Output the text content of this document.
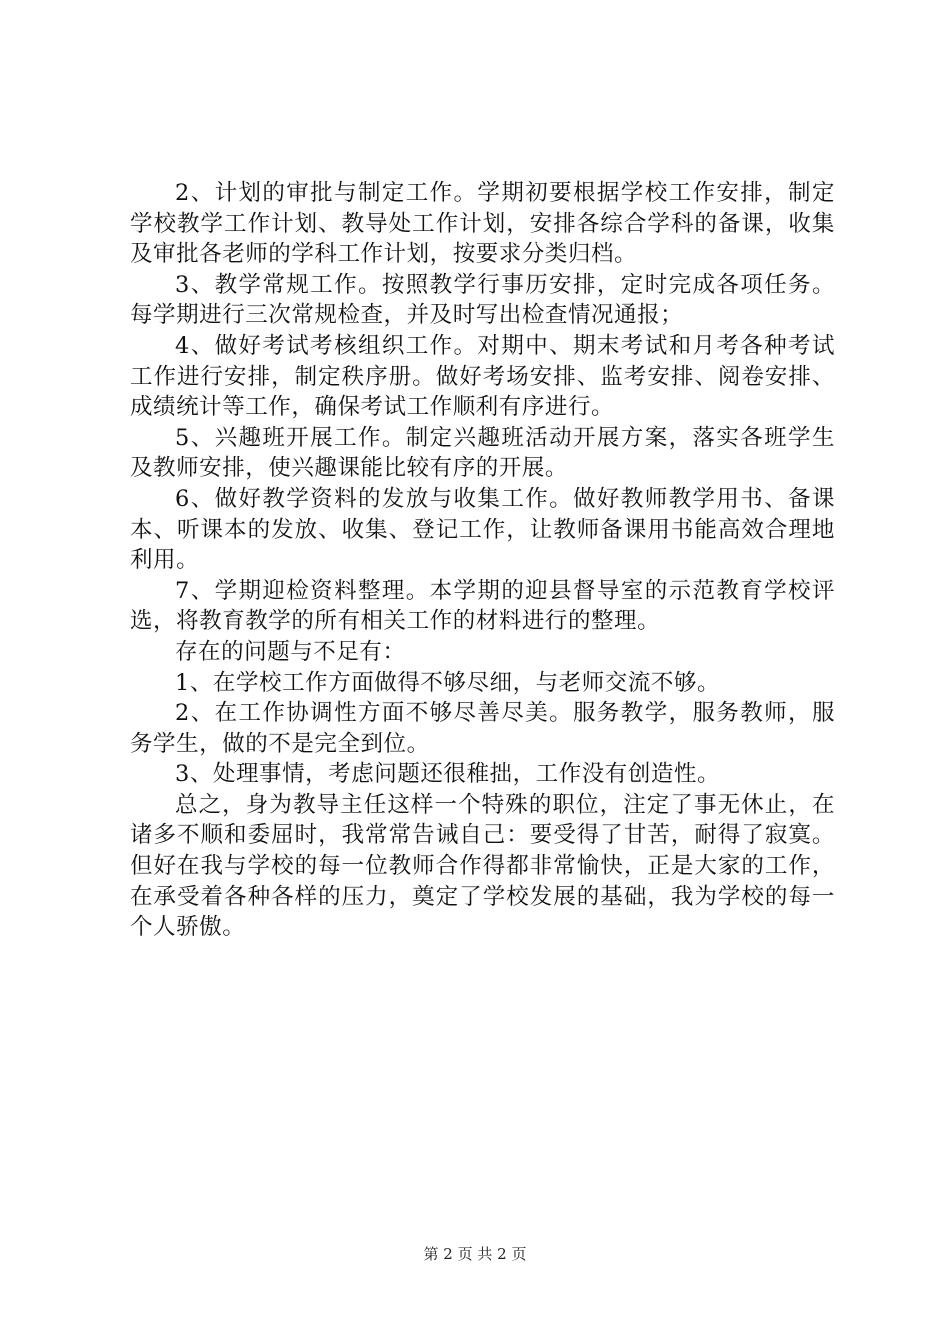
2、计划的审批与制定工作。学期初要根据学校工作安排，制定学校教学工作计划、教导处工作计划，安排各综合学科的备课，收集及审批各老师的学科工作计划，按要求分类归档。

3、教学常规工作。按照教学行事历安排，定时完成各项任务。每学期进行三次常规检查，并及时写出检查情况通报；

4、做好考试考核组织工作。对期中、期末考试和月考各种考试工作进行安排，制定秩序册。做好考场安排、监考安排、阅卷安排、成绩统计等工作，确保考试工作顺利有序进行。

5、兴趣班开展工作。制定兴趣班活动开展方案，落实各班学生及教师安排，使兴趣课能比较有序的开展。

6、做好教学资料的发放与收集工作。做好教师教学用书、备课本、听课本的发放、收集、登记工作，让教师备课用书能高效合理地利用。

7、学期迎检资料整理。本学期的迎县督导室的示范教育学校评选，将教育教学的所有相关工作的材料进行的整理。

存在的问题与不足有：

1、在学校工作方面做得不够尽细，与老师交流不够。

2、在工作协调性方面不够尽善尽美。服务教学，服务教师，服务学生，做的不是完全到位。

3、处理事情，考虑问题还很稚拙，工作没有创造性。

总之，身为教导主任这样一个特殊的职位，注定了事无休止，在诸多不顺和委屈时，我常常告诫自己：要受得了甘苦，耐得了寂寞。但好在我与学校的每一位教师合作得都非常愉快，正是大家的工作，在承受着各种各样的压力，奠定了学校发展的基础，我为学校的每一个人骄傲。

第 2 页 共 2 页
